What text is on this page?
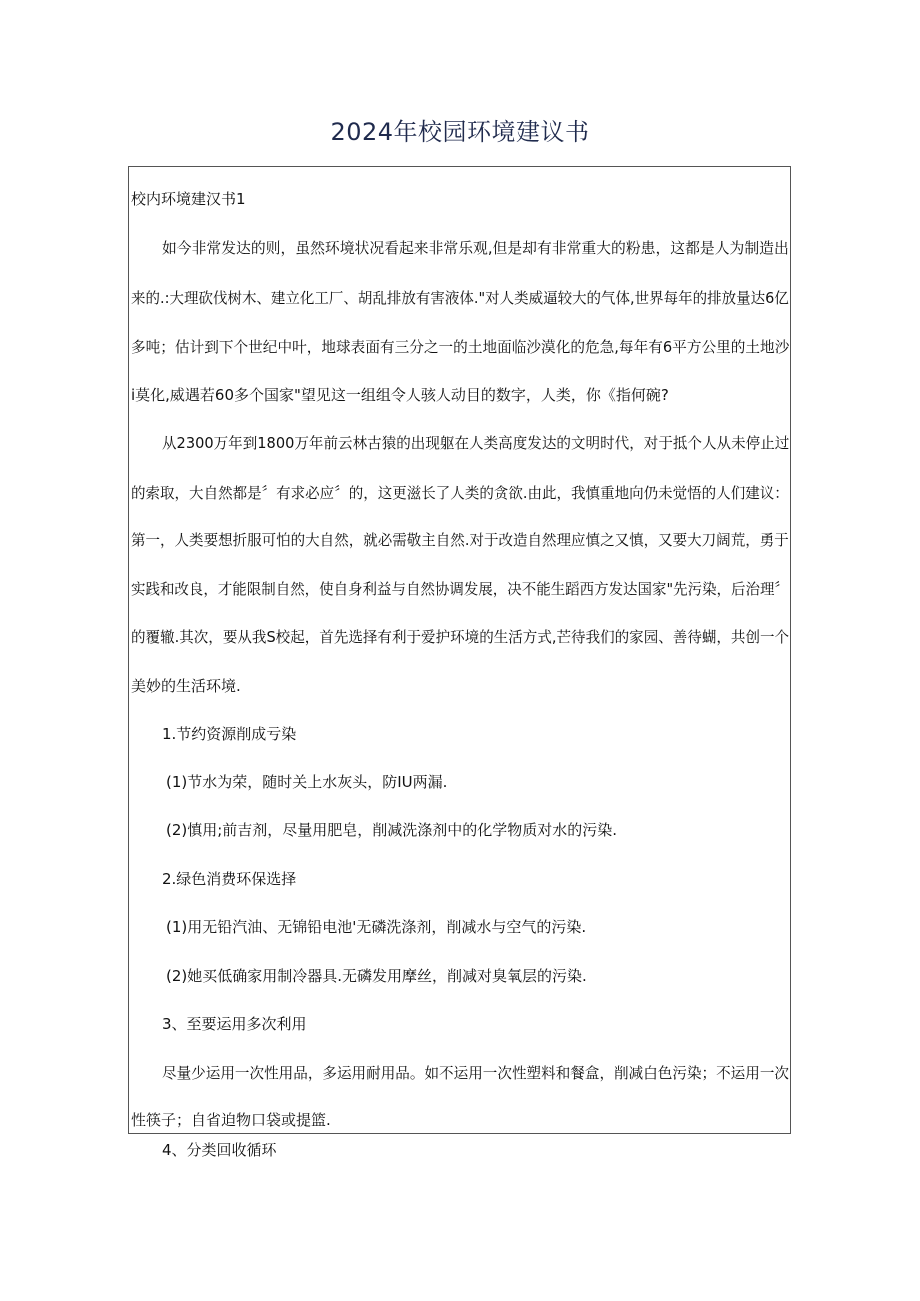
2024年校园环境建议书
校内环境建汉书1
如今非常发达的则，虽然环境状况看起来非常乐观,但是却有非常重大的粉患，这都是人为制造出
来的.:大理砍伐树木、建立化工厂、胡乱排放有害液体."对人类威逼较大的气体,世界每年的排放量达6亿
多吨；估计到下个世纪中叶，地球表面有三分之一的土地面临沙漠化的危急,每年有6平方公里的土地沙
i莫化,威遇若60多个国家"望见这一组组令人骇人动目的数字，人类，你《指何碗?
从2300万年到1800万年前云林古猿的出现躯在人类高度发达的文明时代，对于抵个人从未停止过
的索取，大自然都是〞有求必应〞的，这更滋长了人类的贪欲.由此，我慎重地向仍未觉悟的人们建议：
第一，人类要想折服可怕的大自然，就必需敬主自然.对于改造自然理应慎之又慎，又要大刀阔荒，勇于
实践和改良，才能限制自然，使自身利益与自然协调发展，决不能生蹈西方发达国家"先污染，后治理〞
的覆辙.其次，要从我S校起，首先选择有利于爱护环境的生活方式,芒待我们的家园、善待蝴，共创一个
美妙的生活环境.
1.节约资源削成亏染
(1)节水为荣，随时关上水灰头，防IU两漏.
(2)慎用;前吉剂，尽量用肥皂，削减洗涤剂中的化学物质对水的污染.
2.绿色消费环保选择
(1)用无铅汽油、无锦铅电池'无磷洗涤剂，削减水与空气的污染.
(2)她买低确家用制冷器具.无磷发用摩丝，削减对臭氧层的污染.
3、至要运用多次利用
尽量少运用一次性用品，多运用耐用品。如不运用一次性塑料和餐盒，削减白色污染；不运用一次
性筷子；自省迫物口袋或提篮.
4、分类回收循环
